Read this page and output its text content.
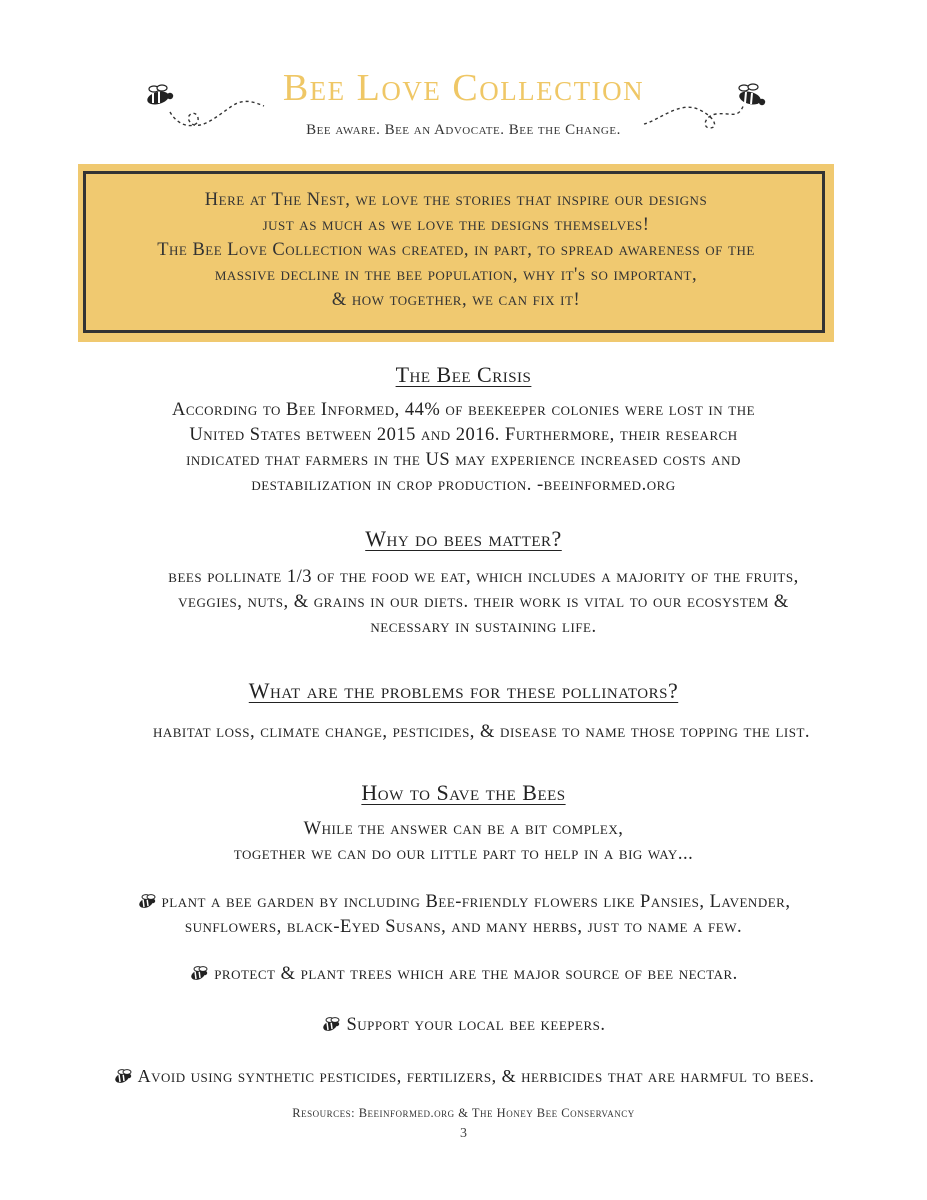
Bee Love Collection
Bee aware. Bee an Advocate. Bee the Change.
Here at The Nest, we love the stories that inspire our designs
just as much as we love the designs themselves!
The Bee Love Collection was created, in part, to spread awareness of the
massive decline in the bee population, why it's so important,
& how together, we can fix it!
The Bee Crisis
According to Bee Informed, 44% of beekeeper colonies were lost in the
United States between 2015 and 2016. Furthermore, their research
indicated that farmers in the US may experience increased costs and
destabilization in crop production. -beeinformed.org
Why do bees matter?
bees pollinate 1/3 of the food we eat, which includes a majority of the fruits,
veggies, nuts, & grains in our diets. their work is vital to our ecosystem &
necessary in sustaining life.
What are the problems for these pollinators?
habitat loss, climate change, pesticides, & disease to name those topping the list.
How to Save the Bees
While the answer can be a bit complex,
together we can do our little part to help in a big way...
plant a bee garden by including Bee-friendly flowers like Pansies, Lavender,
sunflowers, black-Eyed Susans, and many herbs, just to name a few.
protect & plant trees which are the major source of bee nectar.
Support your local bee keepers.
Avoid using synthetic pesticides, fertilizers, & herbicides that are harmful to bees.
Resources: Beeinformed.org & The Honey Bee Conservancy
3
